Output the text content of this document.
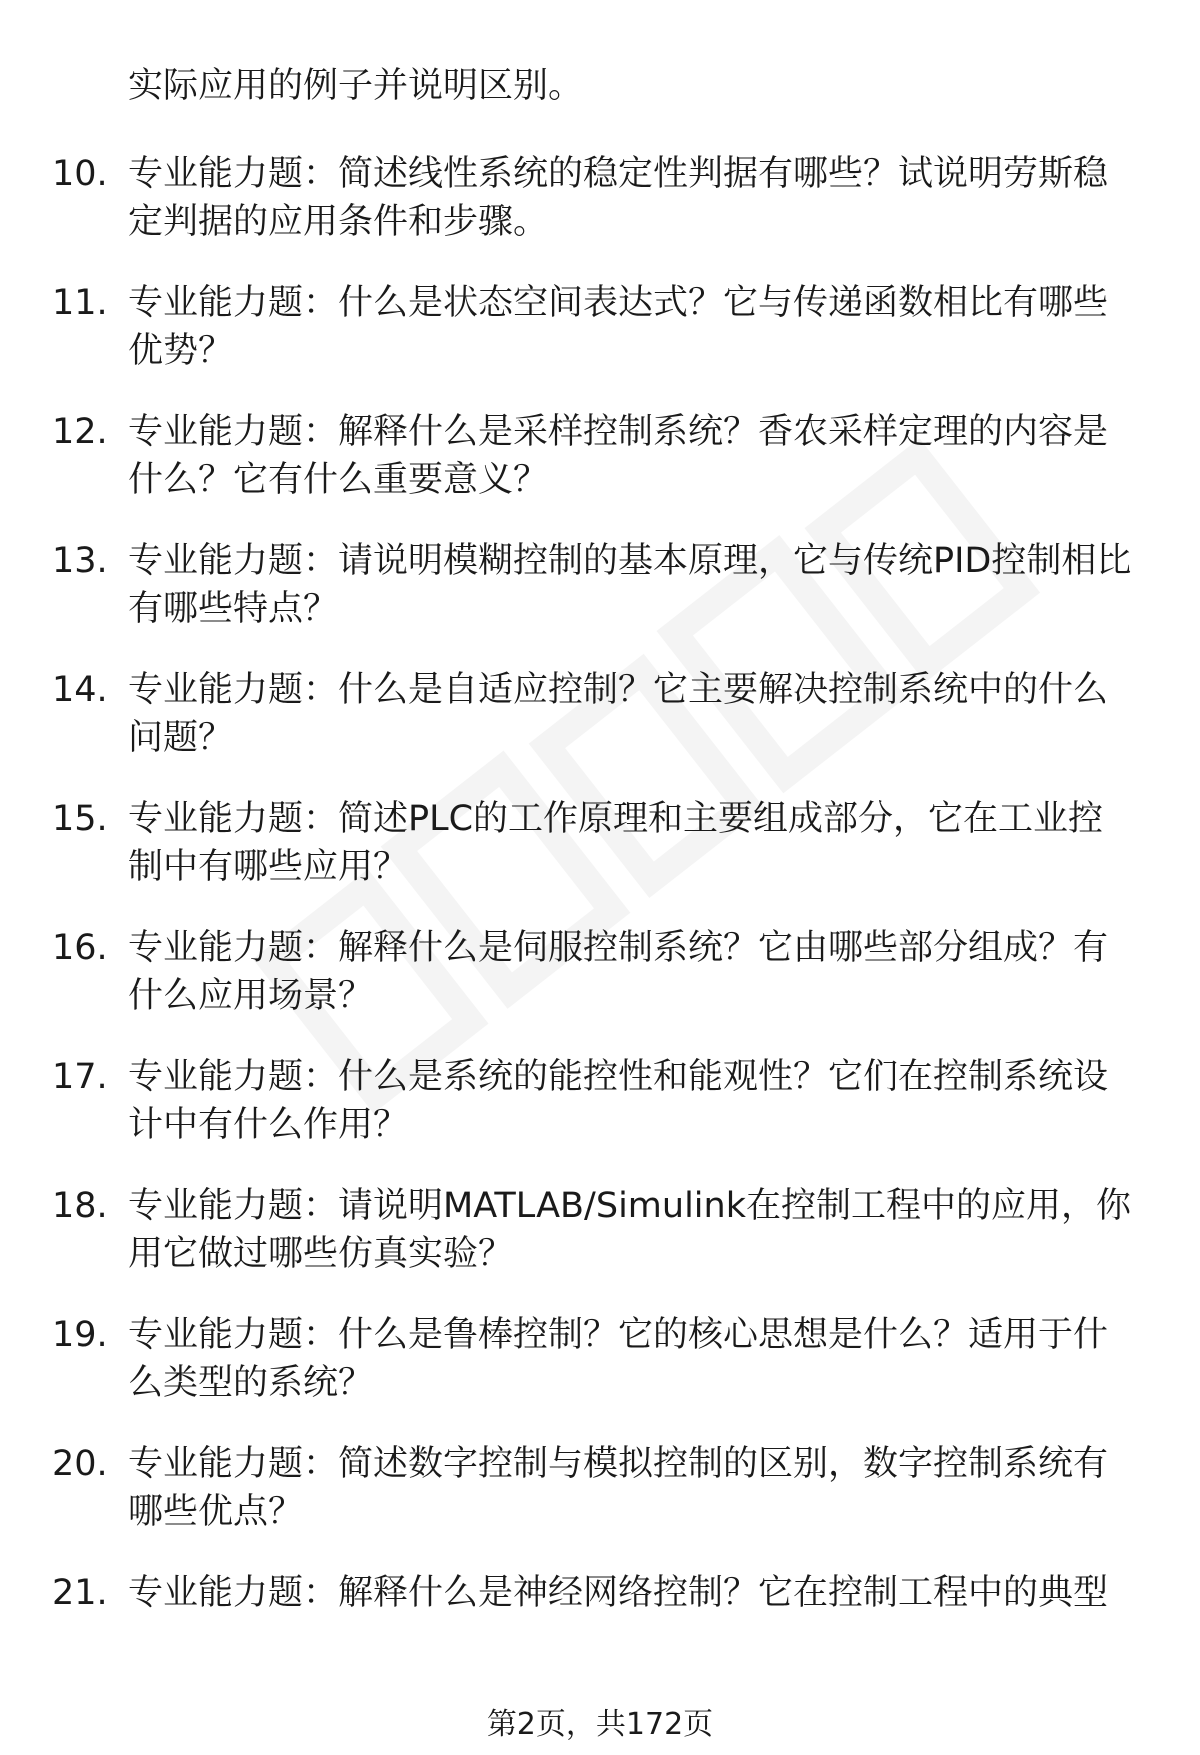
实际应用的例子并说明区别。

10. 专业能力题：简述线性系统的稳定性判据有哪些？试说明劳斯稳定判据的应用条件和步骤。

11. 专业能力题：什么是状态空间表达式？它与传递函数相比有哪些优势？

12. 专业能力题：解释什么是采样控制系统？香农采样定理的内容是什么？它有什么重要意义？

13. 专业能力题：请说明模糊控制的基本原理，它与传统PID控制相比有哪些特点？

14. 专业能力题：什么是自适应控制？它主要解决控制系统中的什么问题？

15. 专业能力题：简述PLC的工作原理和主要组成部分，它在工业控制中有哪些应用？

16. 专业能力题：解释什么是伺服控制系统？它由哪些部分组成？有什么应用场景？

17. 专业能力题：什么是系统的能控性和能观性？它们在控制系统设计中有什么作用？

18. 专业能力题：请说明MATLAB/Simulink在控制工程中的应用，你用它做过哪些仿真实验？

19. 专业能力题：什么是鲁棒控制？它的核心思想是什么？适用于什么类型的系统？

20. 专业能力题：简述数字控制与模拟控制的区别，数字控制系统有哪些优点？

21. 专业能力题：解释什么是神经网络控制？它在控制工程中的典型

第2页，共172页
